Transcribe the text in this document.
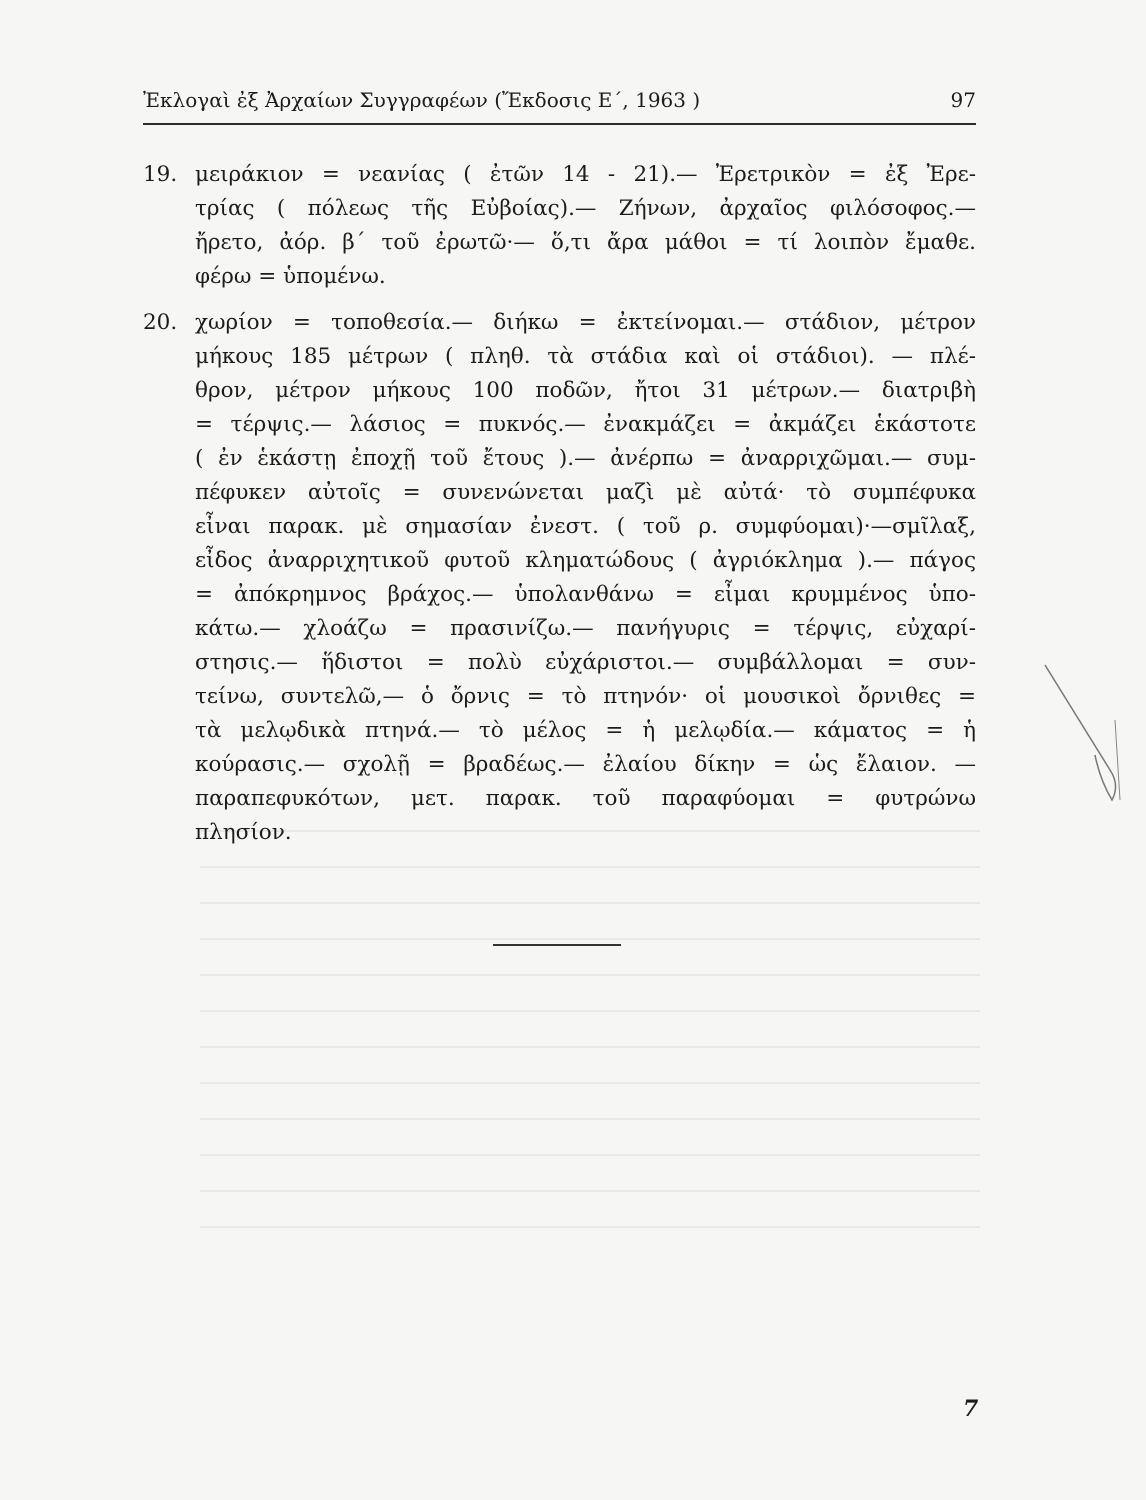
Ἐκλογαὶ ἐξ Ἀρχαίων Συγγραφέων (Ἔκδοσις Ε΄, 1963 )	97
19. μειράκιον = νεανίας ( ἐτῶν 14 - 21).— Ἐρετρικὸν = ἐξ Ἐρε-
τρίας ( πόλεως τῆς Εὐβοίας).— Ζήνων, ἀρχαῖος φιλόσοφος.—
ἤρετο, ἀόρ. β΄ τοῦ ἐρωτῶ·— ὅ,τι ἄρα μάθοι = τί λοιπὸν ἔμαθε.
φέρω = ὑπομένω.
20. χωρίον = τοποθεσία.— διήκω = ἐκτείνομαι.— στάδιον, μέτρον
μήκους 185 μέτρων ( πληθ. τὰ στάδια καὶ οἱ στάδιοι). — πλέ-
θρον, μέτρον μήκους 100 ποδῶν, ἤτοι 31 μέτρων.— διατριβὴ
= τέρψις.— λάσιος = πυκνός.— ἐνακμάζει = ἀκμάζει ἑκάστοτε
( ἐν ἑκάστῃ ἐποχῇ τοῦ ἔτους ).— ἀνέρπω = ἀναρριχῶμαι.— συμ-
πέφυκεν αὐτοῖς = συνενώνεται μαζὶ μὲ αὐτά· τὸ συμπέφυκα
εἶναι παρακ. μὲ σημασίαν ἐνεστ. ( τοῦ ρ. συμφύομαι)·—σμῖλαξ,
εἶδος ἀναρριχητικοῦ φυτοῦ κληματώδους ( ἀγριόκλημα ).— πάγος
= ἀπόκρημνος βράχος.— ὑπολανθάνω = εἶμαι κρυμμένος ὑπο-
κάτω.— χλοάζω = πρασινίζω.— πανήγυρις = τέρψις, εὐχαρί-
στησις.— ἥδιστοι = πολὺ εὐχάριστοι.— συμβάλλομαι = συν-
τείνω, συντελῶ,— ὁ ὄρνις = τὸ πτηνόν· οἱ μουσικοὶ ὄρνιθες =
τὰ μελῳδικὰ πτηνά.— τὸ μέλος = ἡ μελῳδία.— κάματος = ἡ
κούρασις.— σχολῇ = βραδέως.— ἐλαίου δίκην = ὡς ἔλαιον. —
παραπεφυκότων, μετ. παρακ. τοῦ παραφύομαι = φυτρώνω
πλησίον.
7
